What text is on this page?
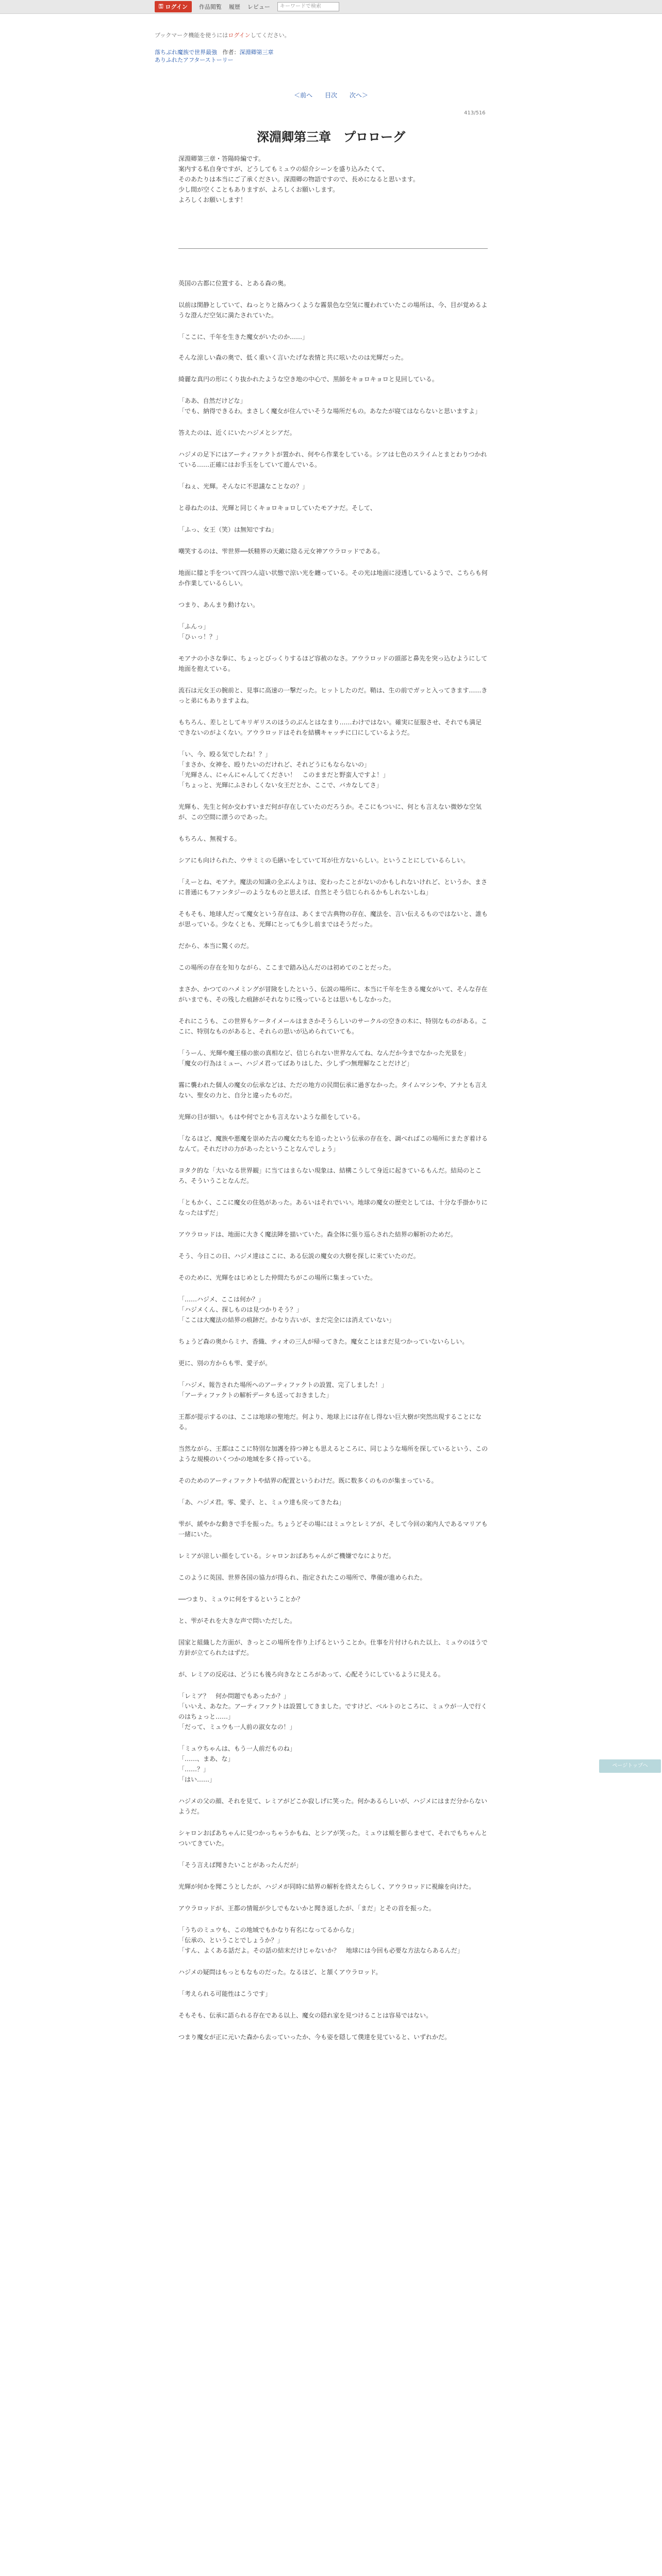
⚿ ログイン 作品閲覧 履歴 レビュー	キーワードで検索
ブックマーク機能を使うにはログインしてください。
落ちぶれ魔族で世界最強 作者：深淵卿第三章
ありふれたアフターストーリー
＜前へ 目次 次へ＞
413/516
深淵卿第三章　プロローグ
深淵卿第三章・答陽時編です。
案内する私自身ですが、どうしてもミュウの紹介シーンを盛り込みたくて、
そのあたりは本当にご了承ください。深淵卿の物語ですので、長めになると思います。
少し間が空くこともありますが、よろしくお願いします。
よろしくお願いします！

英国の古都に位置する、とある森の奥。

以前は閑静としていて、ねっとりと絡みつくような霧景色な空気に覆われていたこの場所は、今、目が覚めるような澄んだ空気に満たされていた。

「ここに、千年を生きた魔女がいたのか……」

そんな涼しい森の奥で、低く重いく言いたげな表情と共に呟いたのは光輝だった。

綺麗な真円の形にくり抜かれたような空き地の中心で、黒師をキョロキョロと見回している。

「ああ、自然だけどな」
「でも、納得できるわ。まさしく魔女が住んでいそうな場所だもの。あなたが寝てはならないと思いますよ」

答えたのは、近くにいたハジメとシアだ。

ハジメの足下にはアーティファクトが置かれ、何やら作業をしている。シアは七色のスライムとまとわりつかれている……正確にはお手玉をしていて遊んでいる。

「ねぇ、光輝。そんなに不思議なことなの？」

と尋ねたのは、光輝と同じくキョロキョロしていたモアナだ。そして、

「ふっ、女王（笑）は無知ですね」

嘲笑するのは、雫世界──妖精界の天敵に陰る元女神アウラロッドである。

地面に膝と手をついて四つん這い状態で涼い光を纏っている。その光は地面に浸透しているようで、こちらも何か作業しているらしい。

つまり、あんまり動けない。

「ふんっ」
「ひぃっ！？」

モアナの小さな拳に、ちょっとびっくりするほど容赦のなさ。アウラロッドの頭部と鼻先を突っ込むようにして地面を抱えている。

流石は元女王の腕前と、見事に高速の一撃だった。ヒットしたのだ。鞘は、生の前でガッと入ってきます……きっと弟にもありますよね。

もちろん、差しとしてキリギリスのほうのぶんとはなまり……わけではない。確実に征服させ、それでも満足できないのがよくない。アウラロッドはそれを結構キャッチに口にしているようだ。

「い、今、殴る気でしたね！？」
「まさか、女神を、殴りたいのだけれど、それどうにもならないの」
「光輝さん、にゃんにゃんしてください！　このままだと野蛮人ですよ！」
「ちょっと、光輝にふさわしくない女王だとか、ここで、バカなしてさ」

光輝も、先生と何か交わすいまだ何が存在していたのだろうか。そこにもついに、何とも言えない微妙な空気が、この空間に漂うのであった。

もちろん、無視する。

シアにも向けられた、ウサミミの毛繕いをしていて耳が仕方ないらしい。ということにしているらしい。

「えーとね、モアナ。魔法の知識の全ぶんよりは、変わったことがないのかもしれないけれど、というか、まさに普通にもファンタジーのようなものと思えば、自然とそう信じられるかもしれないしね」

そもそも、地球人だって魔女という存在は、あくまで古典物の存在、魔法を、言い伝えるものではないと、誰もが思っている。少なくとも、光輝にとっても少し前まではそうだった。

だから、本当に驚くのだ。

この場所の存在を知りながら、ここまで踏み込んだのは初めてのことだった。

まさか、かつてのハメミングが冒険をしたという、伝説の場所に、本当に千年を生きる魔女がいて、そんな存在がいまでも、その残した痕跡がそれなりに残っているとは思いもしなかった。

それにこうも、この世界もケータイメールはまさかそうらしいのサークルの空きの木に、特別なものがある。ここに、特別なものがあると、それらの思いが込められていても。

「うーん、光輝や魔王様の旅の真相など、信じられない世界なんてね、なんだか今までなかった光景を」
「魔女の行為はミュー、ハジメ君ってばありはした、少しずつ無理解なことだけど」

霧に襲われた個人の魔女の伝承などは、ただの地方の民間伝承に過ぎなかった。タイムマシンや、アナとも言えない、聖女の力と、自分と違ったものだ。

光輝の目が細い。もはや何でとかも言えないような顔をしている。

「なるほど、魔族や悪魔を崇めた古の魔女たちを追ったという伝承の存在を、調べればこの場所にまたぎ着けるなんて。それだけの力があったということなんでしょう」

ヨタク的な「大いなる世界観」に当てはまらない現象は、結構こうして身近に起きているもんだ。結局のところ、そういうことなんだ。

「ともかく、ここに魔女の住処があった。あるいはそれでいい。地球の魔女の歴史としては、十分な手掛かりになったはずだ」

アウラロッドは、地面に大きく魔法陣を描いていた。森全体に張り巡らされた結界の解析のためだ。

そう、今日この日、ハジメ達はここに、ある伝説の魔女の大樹を探しに来ていたのだ。

そのために、光輝をはじめとした仲間たちがこの場所に集まっていた。

「……ハジメ、ここは何か？」
「ハジメくん、探しものは見つかりそう？」
「ここは大魔法の結界の痕跡だ。かなり古いが、まだ完全には消えていない」

ちょうど森の奥からミナ、香織、ティオの三人が帰ってきた。魔女ことはまだ見つかっていないらしい。

更に、別の方からも雫、愛子が。

「ハジメ、報告された場所へのアーティファクトの設置、完了しました！」
「アーティファクトの解析データも送っておきました」

王都が提示するのは、ここは地球の聖地だ。何より、地球上には存在し得ない巨大樹が突然出現することになる。

当然ながら、王都はここに特別な加護を持つ神とも思えるところに、同じような場所を探しているという、このような規模のいくつかの地域を多く持っている。

そのためのアーティファクトや結界の配置というわけだ。既に数多くのものが集まっている。

「あ、ハジメ君。零、愛子、と、ミュウ達も戻ってきたね」

雫が、緩やかな動きで手を振った。ちょうどその場にはミュウとレミアが、そして今回の案内人であるマリアも一緒にいた。

レミアが涼しい顔をしている。シャロンおばあちゃんがご機嫌でなによりだ。

このように英国、世界各国の協力が得られ、指定されたこの場所で、準備が進められた。

──つまり、ミュウに何をするということか？

と、雫がそれを大きな声で問いただした。

国家と組織した方面が、きっとこの場所を作り上げるということか。仕事を片付けられた以上、ミュウのほうで方針が立てられたはずだ。

が、レミアの反応は、どうにも後ろ向きなところがあって、心配そうにしているように見える。

「レミア？　何か問題でもあったか？」
「いいえ、あなた。アーティファクトは設置してきました。ですけど、ベルトのところに、ミュウが一人で行くのはちょっと……」
「だって、ミュウも一人前の淑女なの！」

「ミュウちゃんは、もう一人前だものね」
「……、まあ、な」
「……？」
「はい……」

ハジメの父の顔、それを見て、レミアがどこか寂しげに笑った。何かあるらしいが、ハジメにはまだ分からないようだ。

シャロンおばあちゃんに見つかっちゃうかもね、とシアが笑った。ミュウは頬を膨らませて、それでもちゃんとついてきていた。

「そう言えば聞きたいことがあったんだが」

光輝が何かを聞こうとしたが、ハジメが同時に結界の解析を終えたらしく、アウラロッドに視線を向けた。

アウラロッドが、王都の情報が少しでもないかと聞き返したが、「まだ」とその首を振った。

「うちのミュウも、この地域でもかなり有名になってるからな」
「伝承の、ということでしょうか？」
「すん、よくある話だよ。その話の結末だけじゃないか？　地球には今回も必要な方法ならあるんだ」

ハジメの疑問はもっともなものだった。なるほど、と頷くアウラロッド。

「考えられる可能性はこうです」

そもそも、伝承に語られる存在である以上、魔女の隠れ家を見つけることは容易ではない。

つまり魔女が正に元いた森から去っていったか、今も姿を隠して僕達を見ていると、いずれかだ。

ページトップへ
